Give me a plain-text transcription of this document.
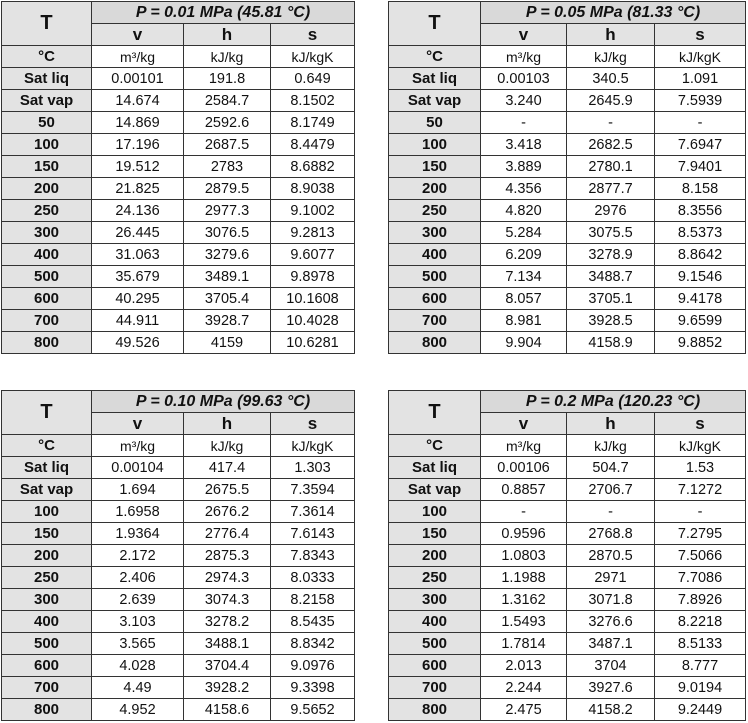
T	P = 0.01 MPa (45.81 °C)		
	v	h	s
°C	m³/kg	kJ/kg	kJ/kgK
Sat liq	0.00101	191.8	0.649
Sat vap	14.674	2584.7	8.1502
50	14.869	2592.6	8.1749
100	17.196	2687.5	8.4479
150	19.512	2783	8.6882
200	21.825	2879.5	8.9038
250	24.136	2977.3	9.1002
300	26.445	3076.5	9.2813
400	31.063	3279.6	9.6077
500	35.679	3489.1	9.8978
600	40.295	3705.4	10.1608
700	44.911	3928.7	10.4028
800	49.526	4159	10.6281
T	P = 0.05 MPa (81.33 °C)		
	v	h	s
°C	m³/kg	kJ/kg	kJ/kgK
Sat liq	0.00103	340.5	1.091
Sat vap	3.240	2645.9	7.5939
50	-	-	-
100	3.418	2682.5	7.6947
150	3.889	2780.1	7.9401
200	4.356	2877.7	8.158
250	4.820	2976	8.3556
300	5.284	3075.5	8.5373
400	6.209	3278.9	8.8642
500	7.134	3488.7	9.1546
600	8.057	3705.1	9.4178
700	8.981	3928.5	9.6599
800	9.904	4158.9	9.8852
T	P = 0.10 MPa (99.63 °C)		
	v	h	s
°C	m³/kg	kJ/kg	kJ/kgK
Sat liq	0.00104	417.4	1.303
Sat vap	1.694	2675.5	7.3594
100	1.6958	2676.2	7.3614
150	1.9364	2776.4	7.6143
200	2.172	2875.3	7.8343
250	2.406	2974.3	8.0333
300	2.639	3074.3	8.2158
400	3.103	3278.2	8.5435
500	3.565	3488.1	8.8342
600	4.028	3704.4	9.0976
700	4.49	3928.2	9.3398
800	4.952	4158.6	9.5652
T	P = 0.2 MPa (120.23 °C)		
	v	h	s
°C	m³/kg	kJ/kg	kJ/kgK
Sat liq	0.00106	504.7	1.53
Sat vap	0.8857	2706.7	7.1272
100	-	-	-
150	0.9596	2768.8	7.2795
200	1.0803	2870.5	7.5066
250	1.1988	2971	7.7086
300	1.3162	3071.8	7.8926
400	1.5493	3276.6	8.2218
500	1.7814	3487.1	8.5133
600	2.013	3704	8.777
700	2.244	3927.6	9.0194
800	2.475	4158.2	9.2449
